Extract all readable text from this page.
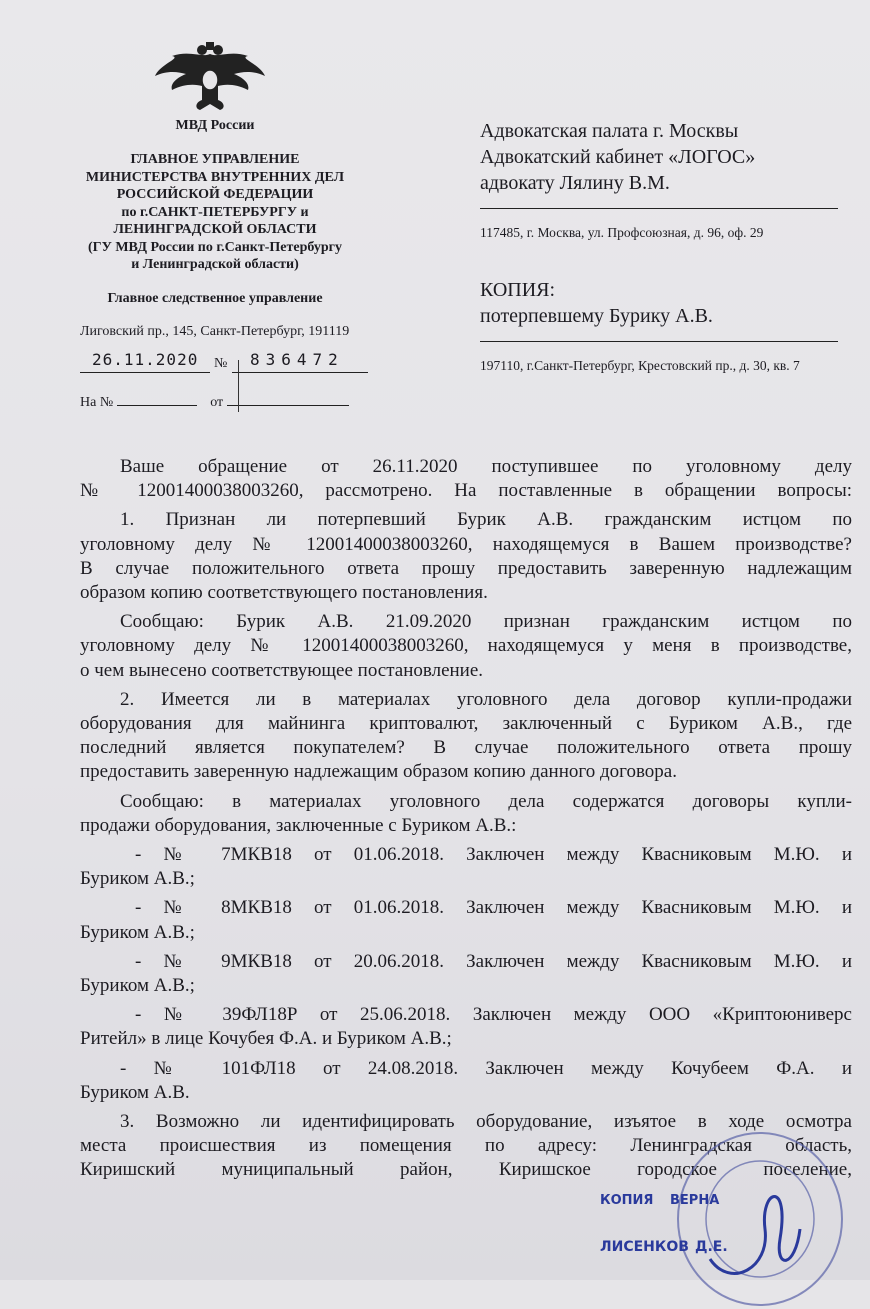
МВД России
ГЛАВНОЕ УПРАВЛЕНИЕ
МИНИСТЕРСТВА ВНУТРЕННИХ ДЕЛ
РОССИЙСКОЙ ФЕДЕРАЦИИ
по г.САНКТ-ПЕТЕРБУРГУ и
ЛЕНИНГРАДСКОЙ ОБЛАСТИ
(ГУ МВД России по г.Санкт-Петербургу
и Ленинградской области)
Главное следственное управление
Лиговский пр., 145, Санкт-Петербург, 191119
26.11.2020 № 836472
На №	от
Адвокатская палата г. Москвы
Адвокатский кабинет «ЛОГОС»
адвокату Лялину В.М.
117485, г. Москва, ул. Профсоюзная, д. 96, оф. 29
КОПИЯ:
потерпевшему Бурику А.В.
197110, г.Санкт-Петербург, Крестовский пр., д. 30, кв. 7
Ваше обращение от 26.11.2020 поступившее по уголовному делу
№ 12001400038003260, рассмотрено. На поставленные в обращении вопросы:
1. Признан ли потерпевший Бурик А.В. гражданским истцом по
уголовному делу № 12001400038003260, находящемуся в Вашем производстве?
В случае положительного ответа прошу предоставить заверенную надлежащим
образом копию соответствующего постановления.
Сообщаю: Бурик А.В. 21.09.2020 признан гражданским истцом по
уголовному делу № 12001400038003260, находящемуся у меня в производстве,
о чем вынесено соответствующее постановление.
2. Имеется ли в материалах уголовного дела договор купли-продажи
оборудования для майнинга криптовалют, заключенный с Буриком А.В., где
последний является покупателем? В случае положительного ответа прошу
предоставить заверенную надлежащим образом копию данного договора.
Сообщаю: в материалах уголовного дела содержатся договоры купли-
продажи оборудования, заключенные с Буриком А.В.:
- № 7МКВ18 от 01.06.2018. Заключен между Квасниковым М.Ю. и
Буриком А.В.;
- № 8МКВ18 от 01.06.2018. Заключен между Квасниковым М.Ю. и
Буриком А.В.;
- № 9МКВ18 от 20.06.2018. Заключен между Квасниковым М.Ю. и
Буриком А.В.;
- № 39ФЛ18Р от 25.06.2018. Заключен между ООО «Криптоюниверс
Ритейл» в лице Кочубея Ф.А. и Буриком А.В.;
- № 101ФЛ18 от 24.08.2018. Заключен между Кочубеем Ф.А. и
Буриком А.В.
3. Возможно ли идентифицировать оборудование, изъятое в ходе осмотра
места происшествия из помещения по адресу: Ленинградская область,
Киришский муниципальный район, Киришское городское поселение,
КОПИЯ ВЕРНА
ЛИСЕНКОВ Д.Е.
